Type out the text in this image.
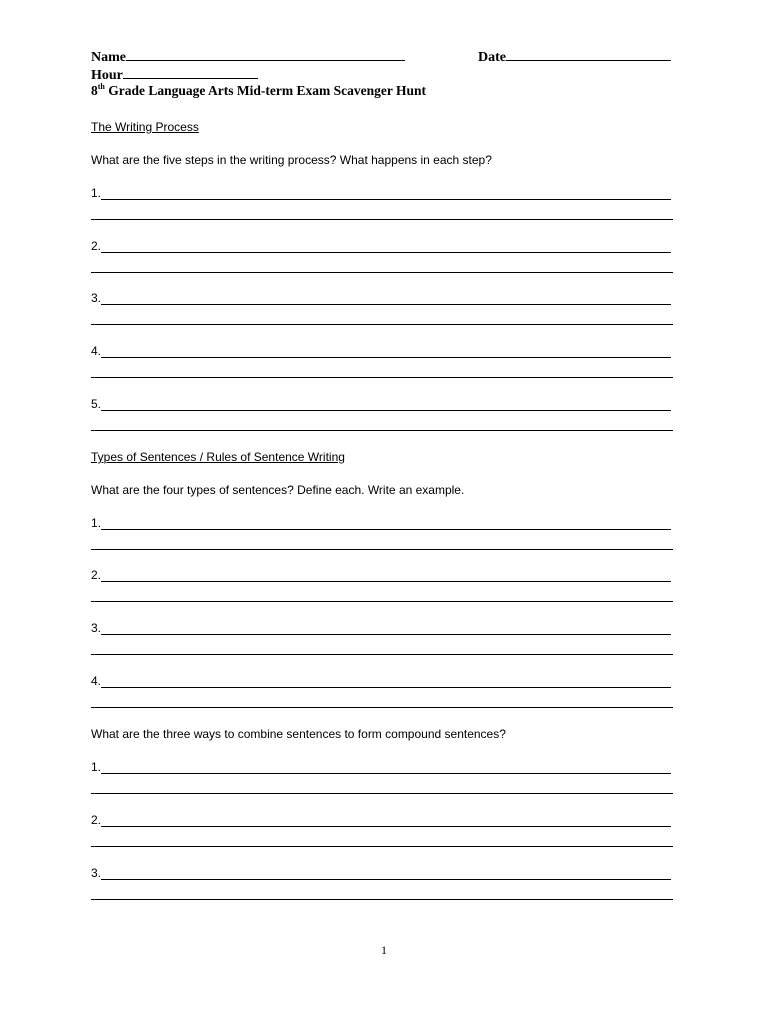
Name	Date
Hour
8th Grade Language Arts Mid-term Exam Scavenger Hunt
The Writing Process
What are the five steps in the writing process? What happens in each step?
1.
2.
3.
4.
5.
Types of Sentences / Rules of Sentence Writing
What are the four types of sentences? Define each. Write an example.
1.
2.
3.
4.
What are the three ways to combine sentences to form compound sentences?
1.
2.
3.
1
